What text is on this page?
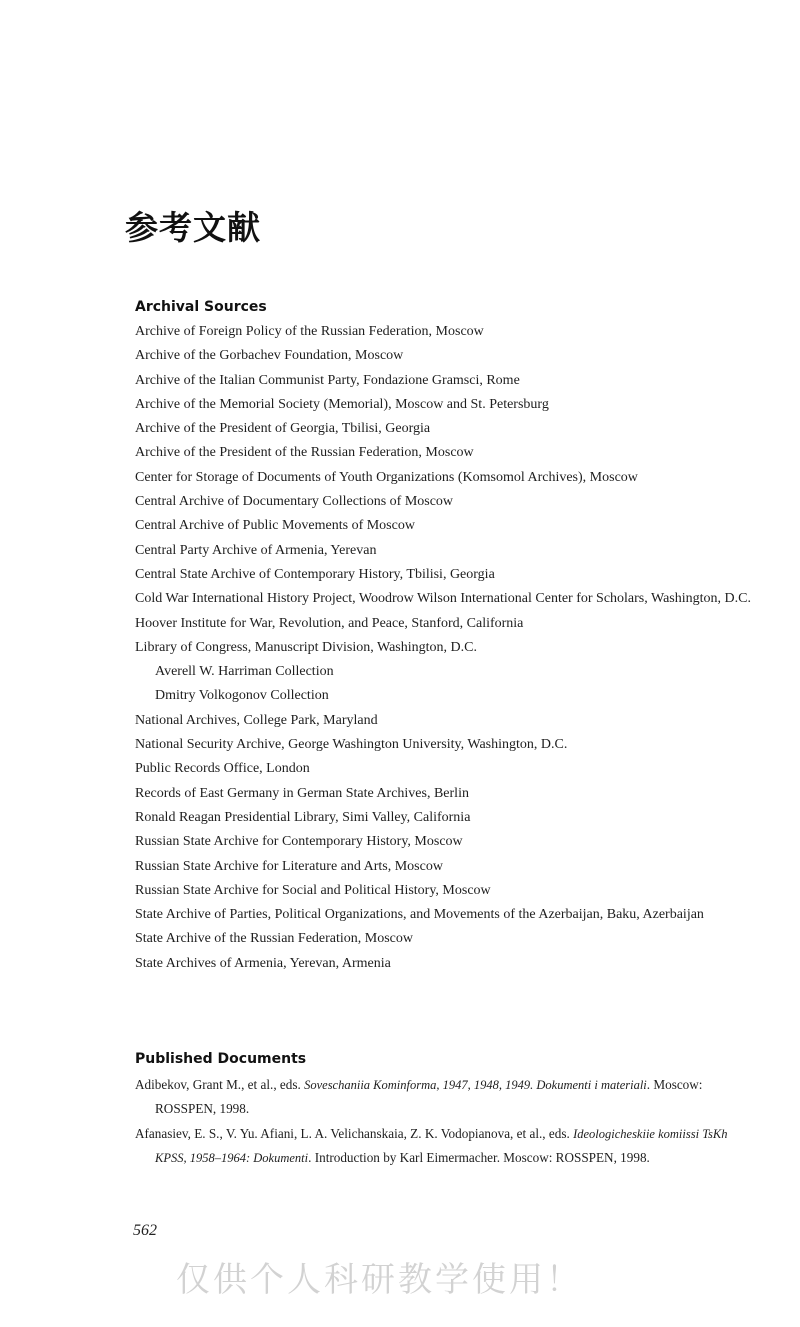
参考文献
Archival Sources
Archive of Foreign Policy of the Russian Federation, Moscow
Archive of the Gorbachev Foundation, Moscow
Archive of the Italian Communist Party, Fondazione Gramsci, Rome
Archive of the Memorial Society (Memorial), Moscow and St. Petersburg
Archive of the President of Georgia, Tbilisi, Georgia
Archive of the President of the Russian Federation, Moscow
Center for Storage of Documents of Youth Organizations (Komsomol Archives), Moscow
Central Archive of Documentary Collections of Moscow
Central Archive of Public Movements of Moscow
Central Party Archive of Armenia, Yerevan
Central State Archive of Contemporary History, Tbilisi, Georgia
Cold War International History Project, Woodrow Wilson International Center for Scholars, Washington, D.C.
Hoover Institute for War, Revolution, and Peace, Stanford, California
Library of Congress, Manuscript Division, Washington, D.C.
Averell W. Harriman Collection
Dmitry Volkogonov Collection
National Archives, College Park, Maryland
National Security Archive, George Washington University, Washington, D.C.
Public Records Office, London
Records of East Germany in German State Archives, Berlin
Ronald Reagan Presidential Library, Simi Valley, California
Russian State Archive for Contemporary History, Moscow
Russian State Archive for Literature and Arts, Moscow
Russian State Archive for Social and Political History, Moscow
State Archive of Parties, Political Organizations, and Movements of the Azerbaijan, Baku, Azerbaijan
State Archive of the Russian Federation, Moscow
State Archives of Armenia, Yerevan, Armenia
Published Documents
Adibekov, Grant M., et al., eds. Soveschaniia Kominforma, 1947, 1948, 1949. Dokumenti i materiali. Moscow: ROSSPEN, 1998.
Afanasiev, E. S., V. Yu. Afiani, L. A. Velichanskaia, Z. K. Vodopianova, et al., eds. Ideologicheskiie komiissi TsKh KPSS, 1958–1964: Dokumenti. Introduction by Karl Eimermacher. Moscow: ROSSPEN, 1998.
562
仅供个人科研教学使用！
